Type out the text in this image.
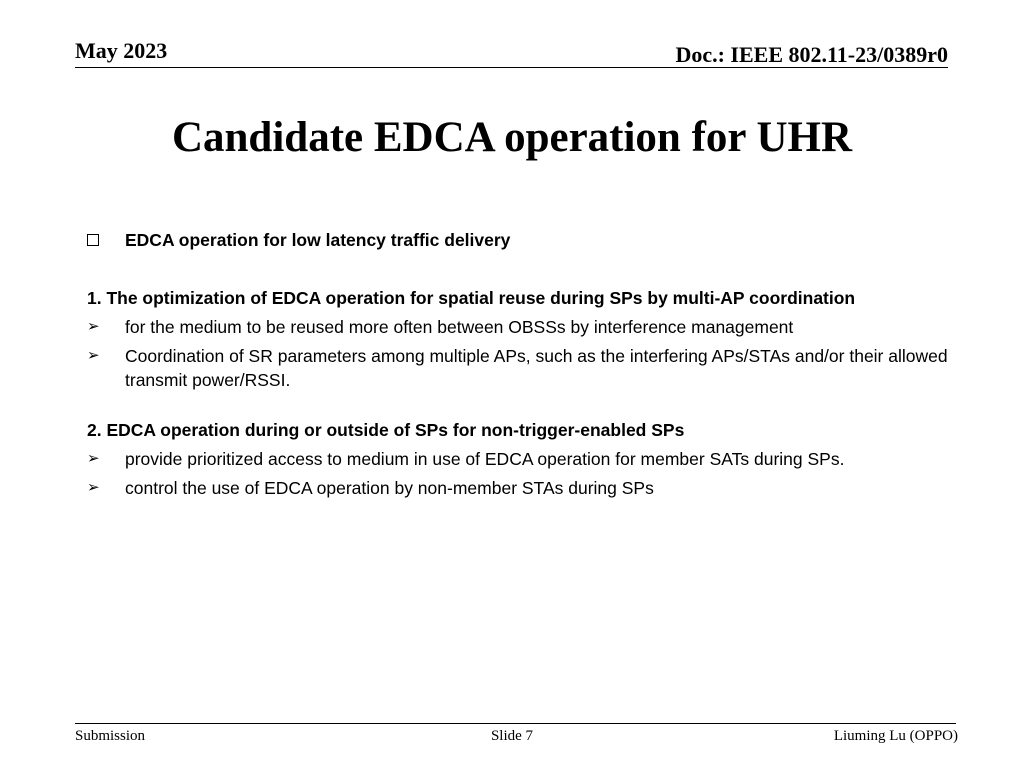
May 2023	Doc.: IEEE 802.11-23/0389r0
Candidate EDCA operation for UHR
EDCA operation for low latency traffic delivery
1. The optimization of EDCA operation for spatial reuse during SPs by multi-AP coordination
➢	for the medium to be reused more often between OBSSs by interference management
➢	Coordination of SR parameters among multiple APs, such as the interfering APs/STAs and/or their allowed transmit power/RSSI.
2. EDCA operation during or outside of SPs for non-trigger-enabled SPs
➢	provide prioritized access to medium in use of EDCA operation for member SATs during SPs.
➢	control the use of EDCA operation by non-member STAs during SPs
Submission	Slide 7	Liuming Lu (OPPO)
